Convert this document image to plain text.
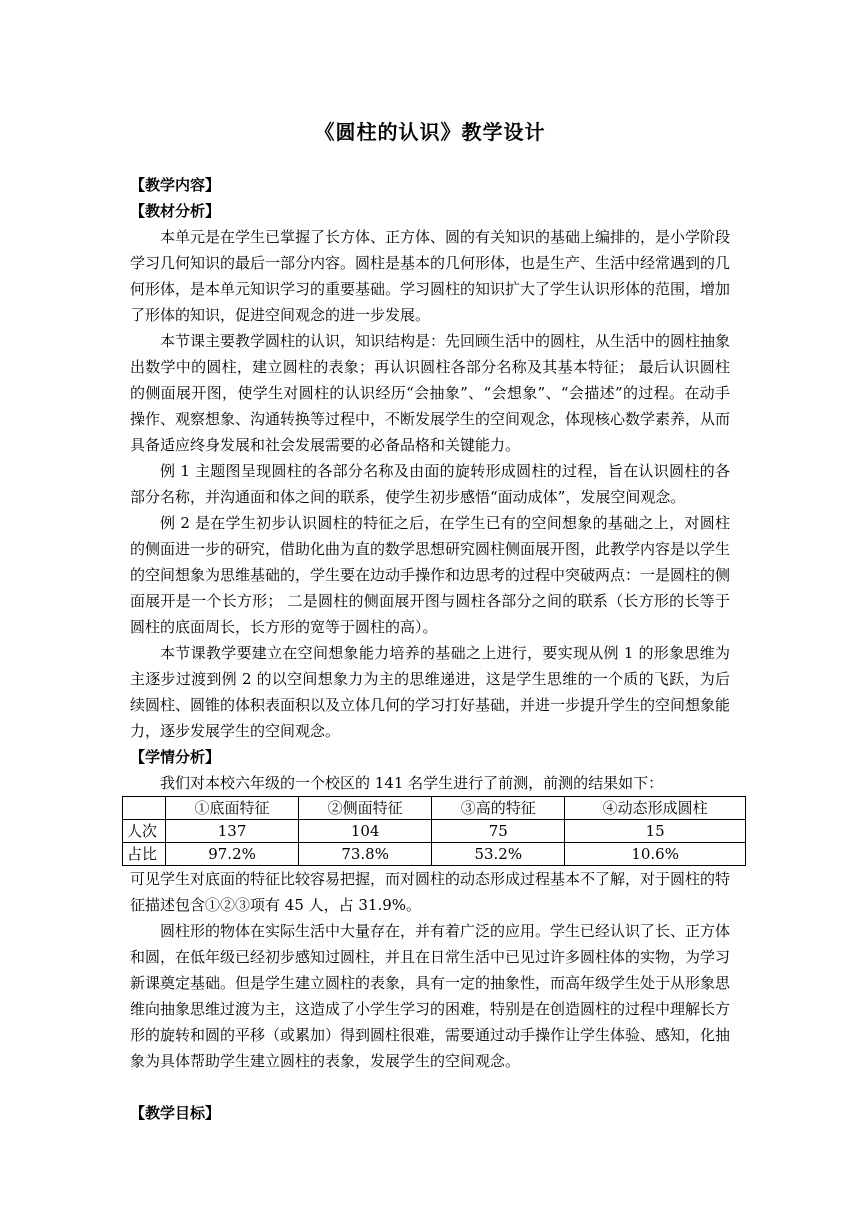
《圆柱的认识》教学设计
【教学内容】
【教材分析】

本单元是在学生已掌握了长方体、正方体、圆的有关知识的基础上编排的，是小学阶段学习几何知识的最后一部分内容。圆柱是基本的几何形体，也是生产、生活中经常遇到的几何形体，是本单元知识学习的重要基础。学习圆柱的知识扩大了学生认识形体的范围，增加了形体的知识，促进空间观念的进一步发展。

本节课主要教学圆柱的认识，知识结构是：先回顾生活中的圆柱，从生活中的圆柱抽象出数学中的圆柱，建立圆柱的表象；再认识圆柱各部分名称及其基本特征； 最后认识圆柱的侧面展开图，使学生对圆柱的认识经历“会抽象”、“会想象”、“会描述”的过程。在动手操作、观察想象、沟通转换等过程中，不断发展学生的空间观念，体现核心数学素养，从而具备适应终身发展和社会发展需要的必备品格和关键能力。

例 1 主题图呈现圆柱的各部分名称及由面的旋转形成圆柱的过程，旨在认识圆柱的各部分名称，并沟通面和体之间的联系，使学生初步感悟“面动成体”，发展空间观念。

例 2 是在学生初步认识圆柱的特征之后，在学生已有的空间想象的基础之上，对圆柱的侧面进一步的研究，借助化曲为直的数学思想研究圆柱侧面展开图，此教学内容是以学生的空间想象为思维基础的，学生要在边动手操作和边思考的过程中突破两点：一是圆柱的侧面展开是一个长方形； 二是圆柱的侧面展开图与圆柱各部分之间的联系（长方形的长等于圆柱的底面周长，长方形的宽等于圆柱的高）。

本节课教学要建立在空间想象能力培养的基础之上进行，要实现从例 1 的形象思维为主逐步过渡到例 2 的以空间想象力为主的思维递进，这是学生思维的一个质的飞跃，为后续圆柱、圆锥的体积表面积以及立体几何的学习打好基础，并进一步提升学生的空间想象能力，逐步发展学生的空间观念。

【学情分析】

我们对本校六年级的一个校区的 141 名学生进行了前测，前测的结果如下：

	①底面特征	②侧面特征	③高的特征	④动态形成圆柱
人次	137	104	75	15
占比	97.2%	73.8%	53.2%	10.6%

可见学生对底面的特征比较容易把握，而对圆柱的动态形成过程基本不了解，对于圆柱的特征描述包含①②③项有 45 人，占 31.9%。

圆柱形的物体在实际生活中大量存在，并有着广泛的应用。学生已经认识了长、正方体和圆，在低年级已经初步感知过圆柱，并且在日常生活中已见过许多圆柱体的实物，为学习新课奠定基础。但是学生建立圆柱的表象，具有一定的抽象性，而高年级学生处于从形象思维向抽象思维过渡为主，这造成了小学生学习的困难，特别是在创造圆柱的过程中理解长方形的旋转和圆的平移（或累加）得到圆柱很难，需要通过动手操作让学生体验、感知，化抽象为具体帮助学生建立圆柱的表象，发展学生的空间观念。

【教学目标】
